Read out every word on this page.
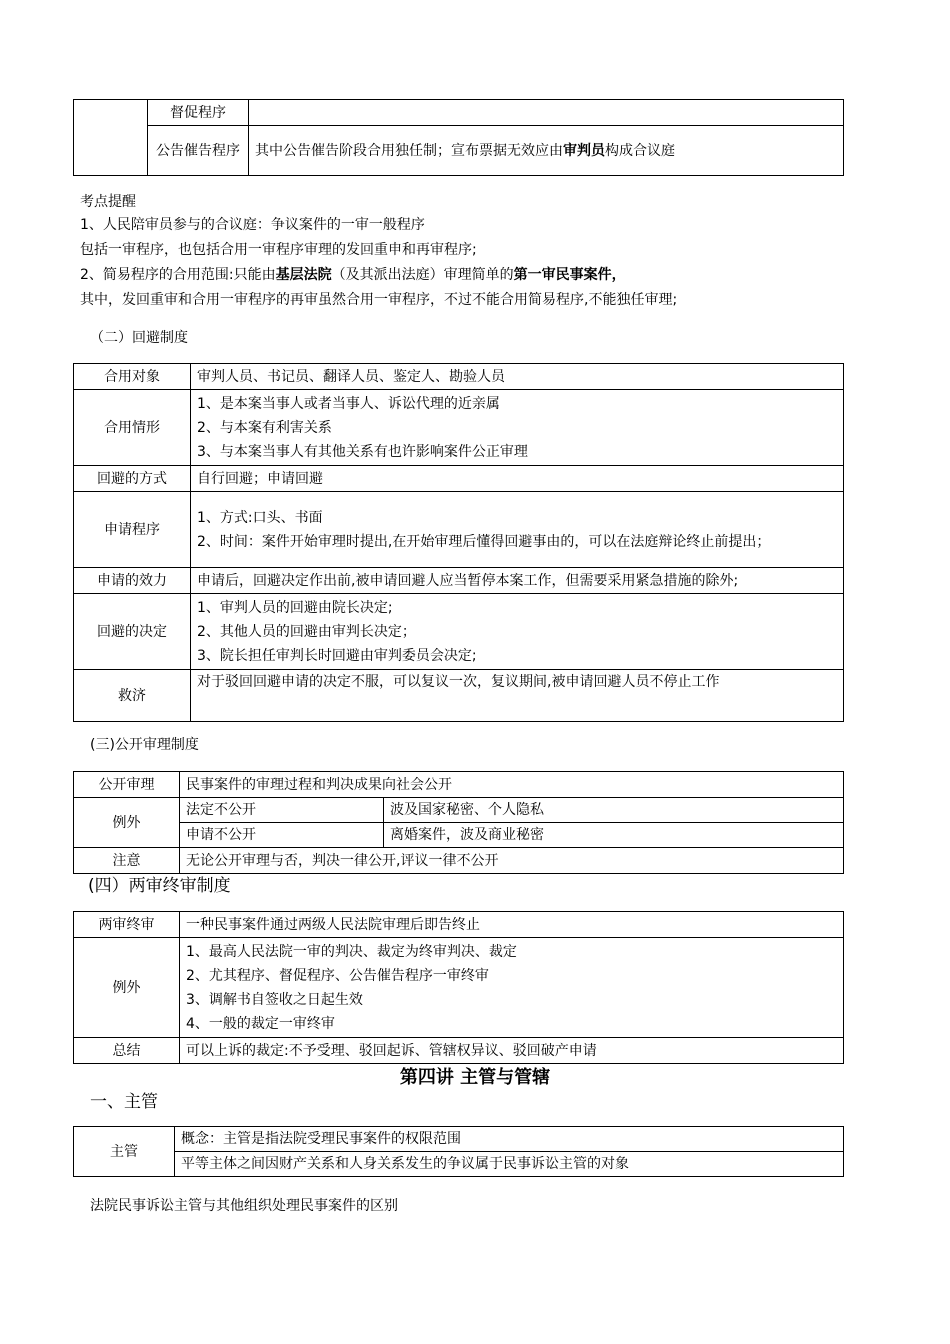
	督促程序	
	公告催告程序	其中公告催告阶段合用独任制；宣布票据无效应由审判员构成合议庭
考点提醒
1、人民陪审员参与的合议庭：争议案件的一审一般程序
包括一审程序，也包括合用一审程序审理的发回重申和再审程序;
2、简易程序的合用范围:只能由基层法院（及其派出法庭）审理简单的第一审民事案件，
其中，发回重审和合用一审程序的再审虽然合用一审程序，不过不能合用简易程序,不能独任审理;
（二）回避制度
合用对象	审判人员、书记员、翻译人员、鉴定人、勘验人员
合用情形	1、是本案当事人或者当事人、诉讼代理的近亲属
2、与本案有利害关系
3、与本案当事人有其他关系有也许影响案件公正审理

回避的方式	自行回避；申请回避
申请程序	1、方式:口头、书面
2、时间：案件开始审理时提出,在开始审理后懂得回避事由的，可以在法庭辩论终止前提出；

申请的效力	申请后，回避决定作出前,被申请回避人应当暂停本案工作，但需要采用紧急措施的除外;
回避的决定	1、审判人员的回避由院长决定;
2、其他人员的回避由审判长决定；
3、院长担任审判长时回避由审判委员会决定;

救济	对于驳回回避申请的决定不服，可以复议一次，复议期间,被申请回避人员不停止工作
(三)公开审理制度
公开审理	民事案件的审理过程和判决成果向社会公开	
例外	法定不公开	波及国家秘密、个人隐私
	申请不公开	离婚案件，波及商业秘密
注意	无论公开审理与否，判决一律公开,评议一律不公开	
(四）两审终审制度
两审终审	一种民事案件通过两级人民法院审理后即告终止
例外	1、最高人民法院一审的判决、裁定为终审判决、裁定
2、尤其程序、督促程序、公告催告程序一审终审
3、调解书自签收之日起生效
4、一般的裁定一审终审

总结	可以上诉的裁定:不予受理、驳回起诉、管辖权异议、驳回破产申请
第四讲 主管与管辖
一、主管
主管	概念：主管是指法院受理民事案件的权限范围
平等主体之间因财产关系和人身关系发生的争议属于民事诉讼主管的对象
法院民事诉讼主管与其他组织处理民事案件的区别
